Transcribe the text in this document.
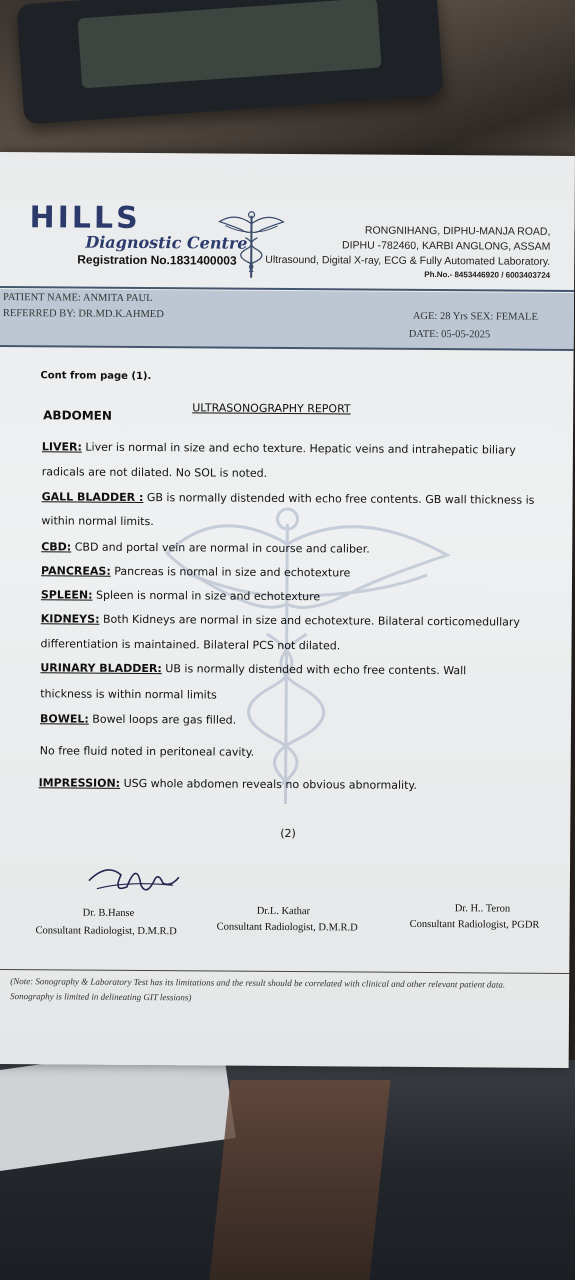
HILLS
Diagnostic Centre
Registration No.1831400003
RONGNIHANG, DIPHU-MANJA ROAD,
DIPHU -782460, KARBI ANGLONG, ASSAM
Ultrasound, Digital X-ray, ECG & Fully Automated Laboratory.
Ph.No.- 8453446920 / 6003403724
PATIENT NAME: ANMITA PAUL
REFERRED BY: DR.MD.K.AHMED	AGE: 28 Yrs SEX: FEMALE
DATE: 05-05-2025
Cont from page (1).
ABDOMEN	ULTRASONOGRAPHY REPORT
LIVER: Liver is normal in size and echo texture. Hepatic veins and intrahepatic biliary
radicals are not dilated. No SOL is noted.
GALL BLADDER : GB is normally distended with echo free contents. GB wall thickness is
within normal limits.
CBD: CBD and portal vein are normal in course and caliber.
PANCREAS: Pancreas is normal in size and echotexture
SPLEEN: Spleen is normal in size and echotexture
KIDNEYS: Both Kidneys are normal in size and echotexture. Bilateral corticomedullary
differentiation is maintained. Bilateral PCS not dilated.
URINARY BLADDER: UB is normally distended with echo free contents. Wall
thickness is within normal limits
BOWEL: Bowel loops are gas filled.
No free fluid noted in peritoneal cavity.
IMPRESSION: USG whole abdomen reveals no obvious abnormality.
(2)
Dr. B.Hanse
Consultant Radiologist, D.M.R.D
Dr.L. Kathar
Consultant Radiologist, D.M.R.D
Dr. H.. Teron
Consultant Radiologist, PGDR
(Note: Sonography & Laboratory Test has its limitations and the result should be correlated with clinical and other relevant patient data. Sonography is limited in delineating GIT lessions)
